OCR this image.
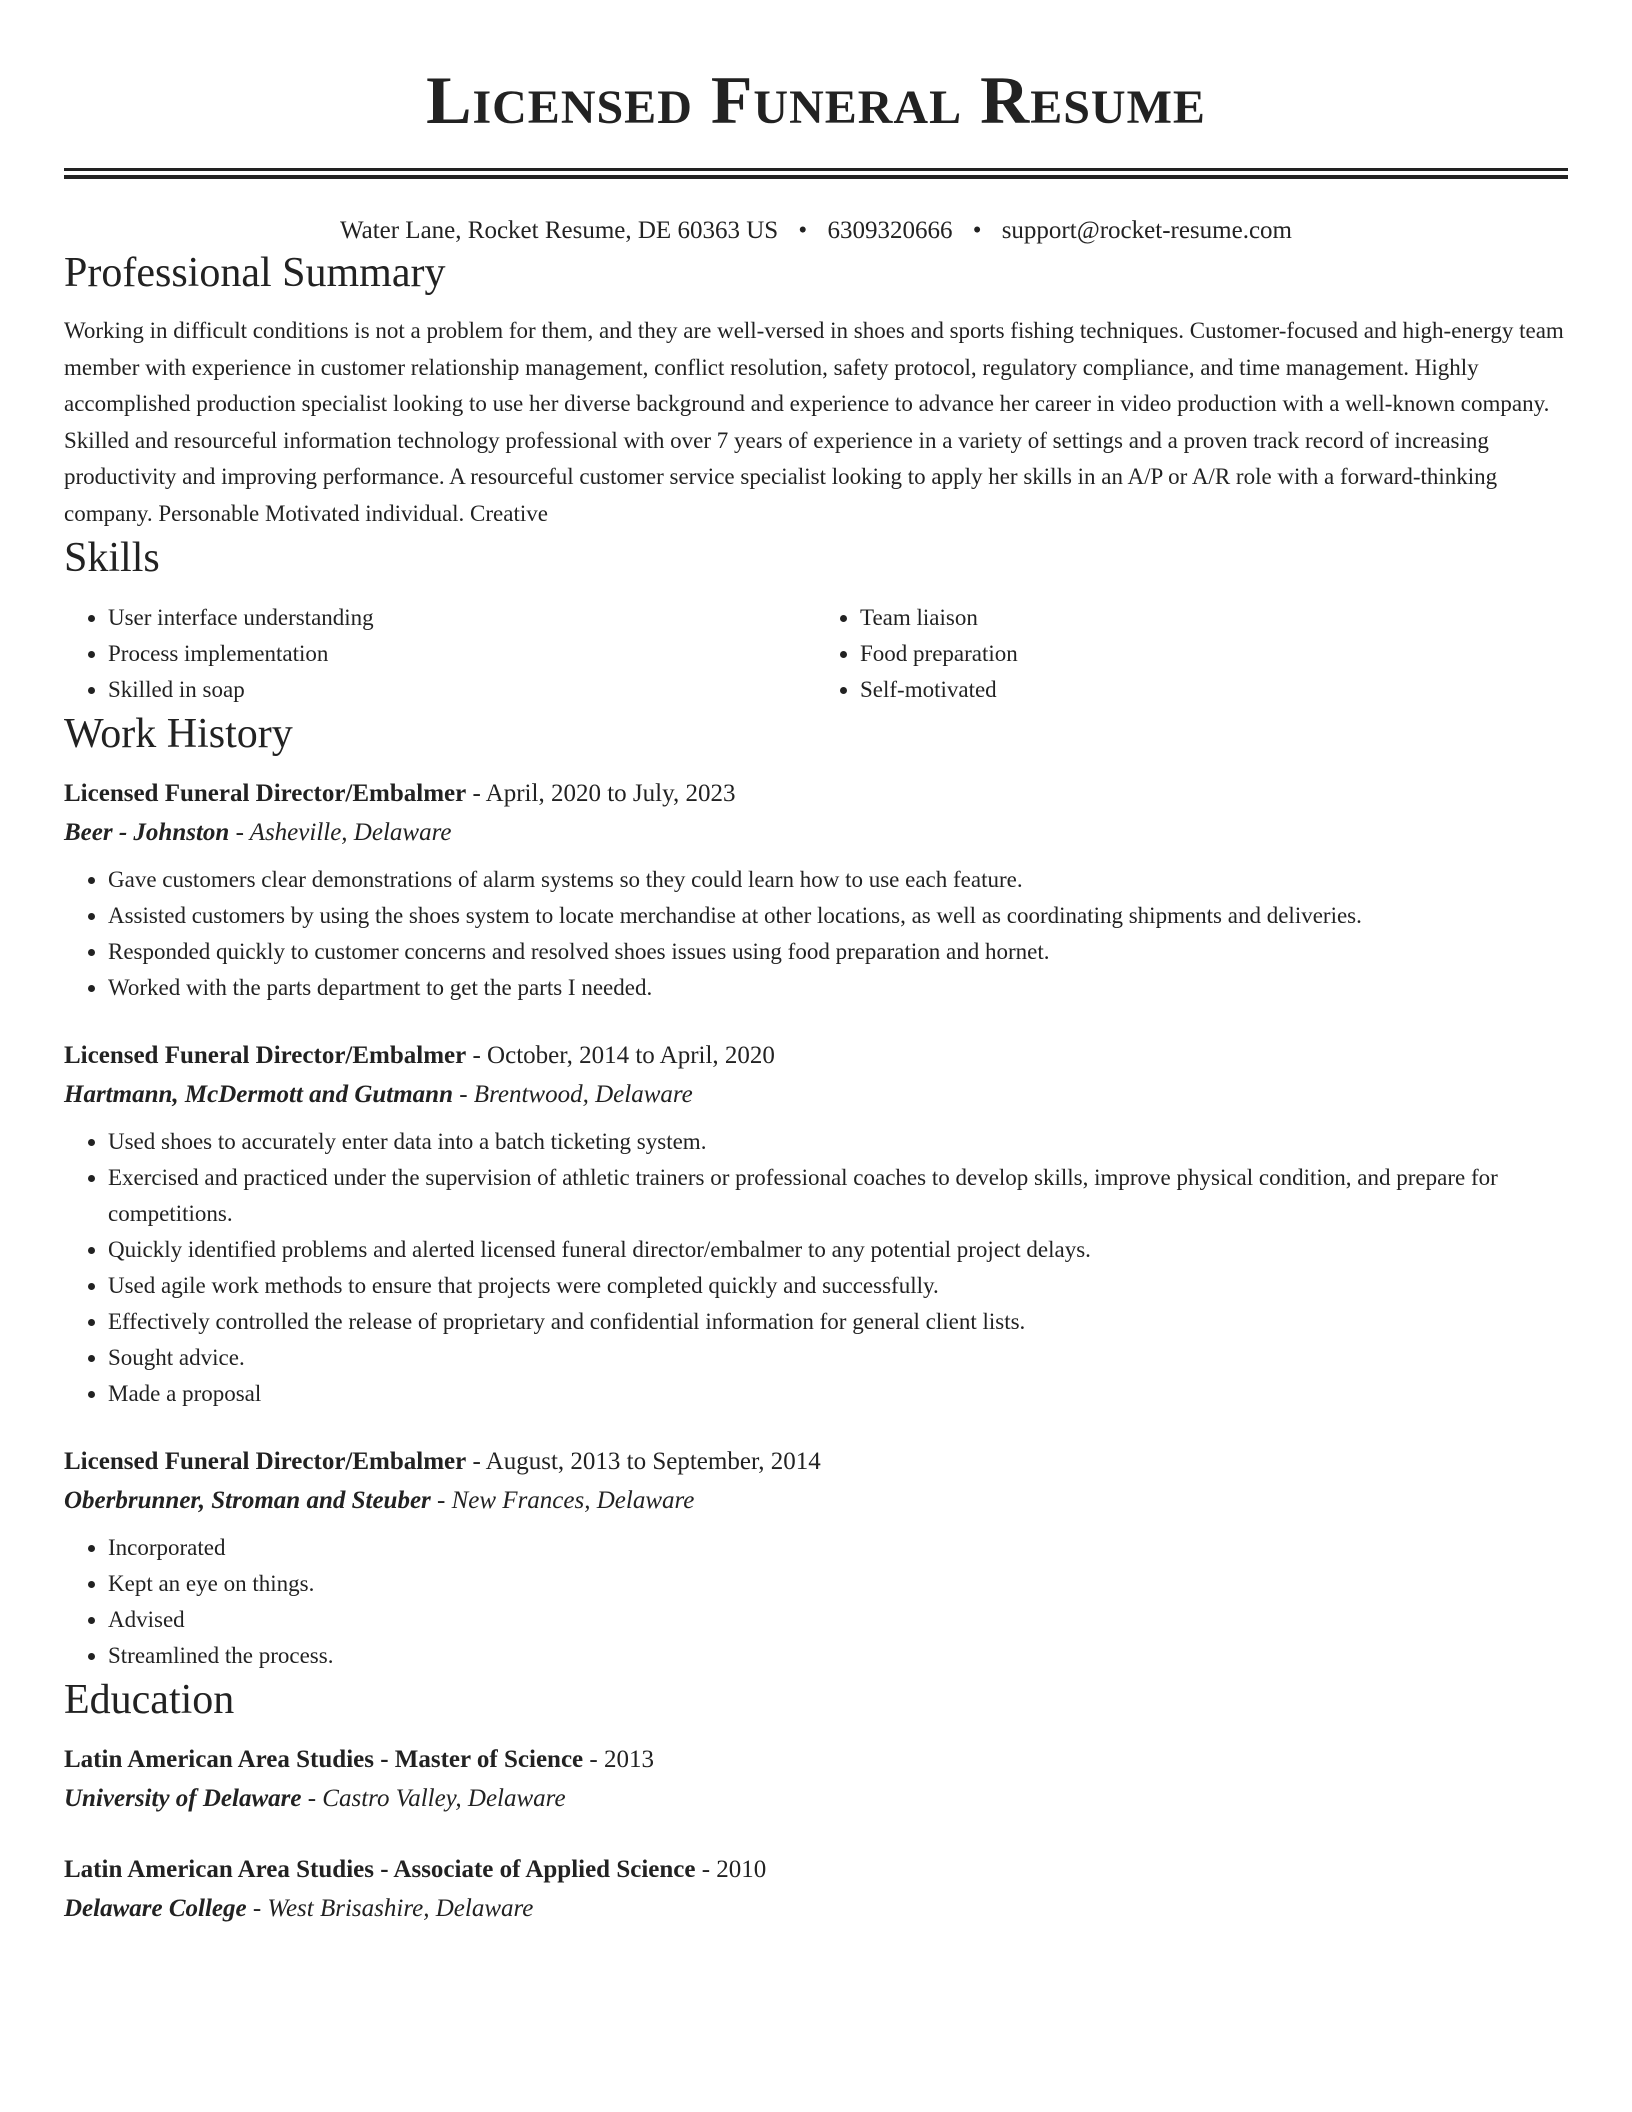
Licensed Funeral Resume
Water Lane, Rocket Resume, DE 60363 US • 6309320666 • support@rocket-resume.com
Professional Summary

Working in difficult conditions is not a problem for them, and they are well-versed in shoes and sports fishing techniques. Customer-focused and high-energy team member with experience in customer relationship management, conflict resolution, safety protocol, regulatory compliance, and time management. Highly accomplished production specialist looking to use her diverse background and experience to advance her career in video production with a well-known company. Skilled and resourceful information technology professional with over 7 years of experience in a variety of settings and a proven track record of increasing productivity and improving performance. A resourceful customer service specialist looking to apply her skills in an A/P or A/R role with a forward-thinking company. Personable Motivated individual. Creative

Skills
• User interface understanding
• Process implementation
• Skilled in soap
• Team liaison
• Food preparation
• Self-motivated
Work History
Licensed Funeral Director/Embalmer - April, 2020 to July, 2023
Beer - Johnston - Asheville, Delaware
• Gave customers clear demonstrations of alarm systems so they could learn how to use each feature.
• Assisted customers by using the shoes system to locate merchandise at other locations, as well as coordinating shipments and deliveries.
• Responded quickly to customer concerns and resolved shoes issues using food preparation and hornet.
• Worked with the parts department to get the parts I needed.
Licensed Funeral Director/Embalmer - October, 2014 to April, 2020
Hartmann, McDermott and Gutmann - Brentwood, Delaware
• Used shoes to accurately enter data into a batch ticketing system.
• Exercised and practiced under the supervision of athletic trainers or professional coaches to develop skills, improve physical condition, and prepare for competitions.
• Quickly identified problems and alerted licensed funeral director/embalmer to any potential project delays.
• Used agile work methods to ensure that projects were completed quickly and successfully.
• Effectively controlled the release of proprietary and confidential information for general client lists.
• Sought advice.
• Made a proposal
Licensed Funeral Director/Embalmer - August, 2013 to September, 2014
Oberbrunner, Stroman and Steuber - New Frances, Delaware
• Incorporated
• Kept an eye on things.
• Advised
• Streamlined the process.
Education
Latin American Area Studies - Master of Science - 2013
University of Delaware - Castro Valley, Delaware
Latin American Area Studies - Associate of Applied Science - 2010
Delaware College - West Brisashire, Delaware
